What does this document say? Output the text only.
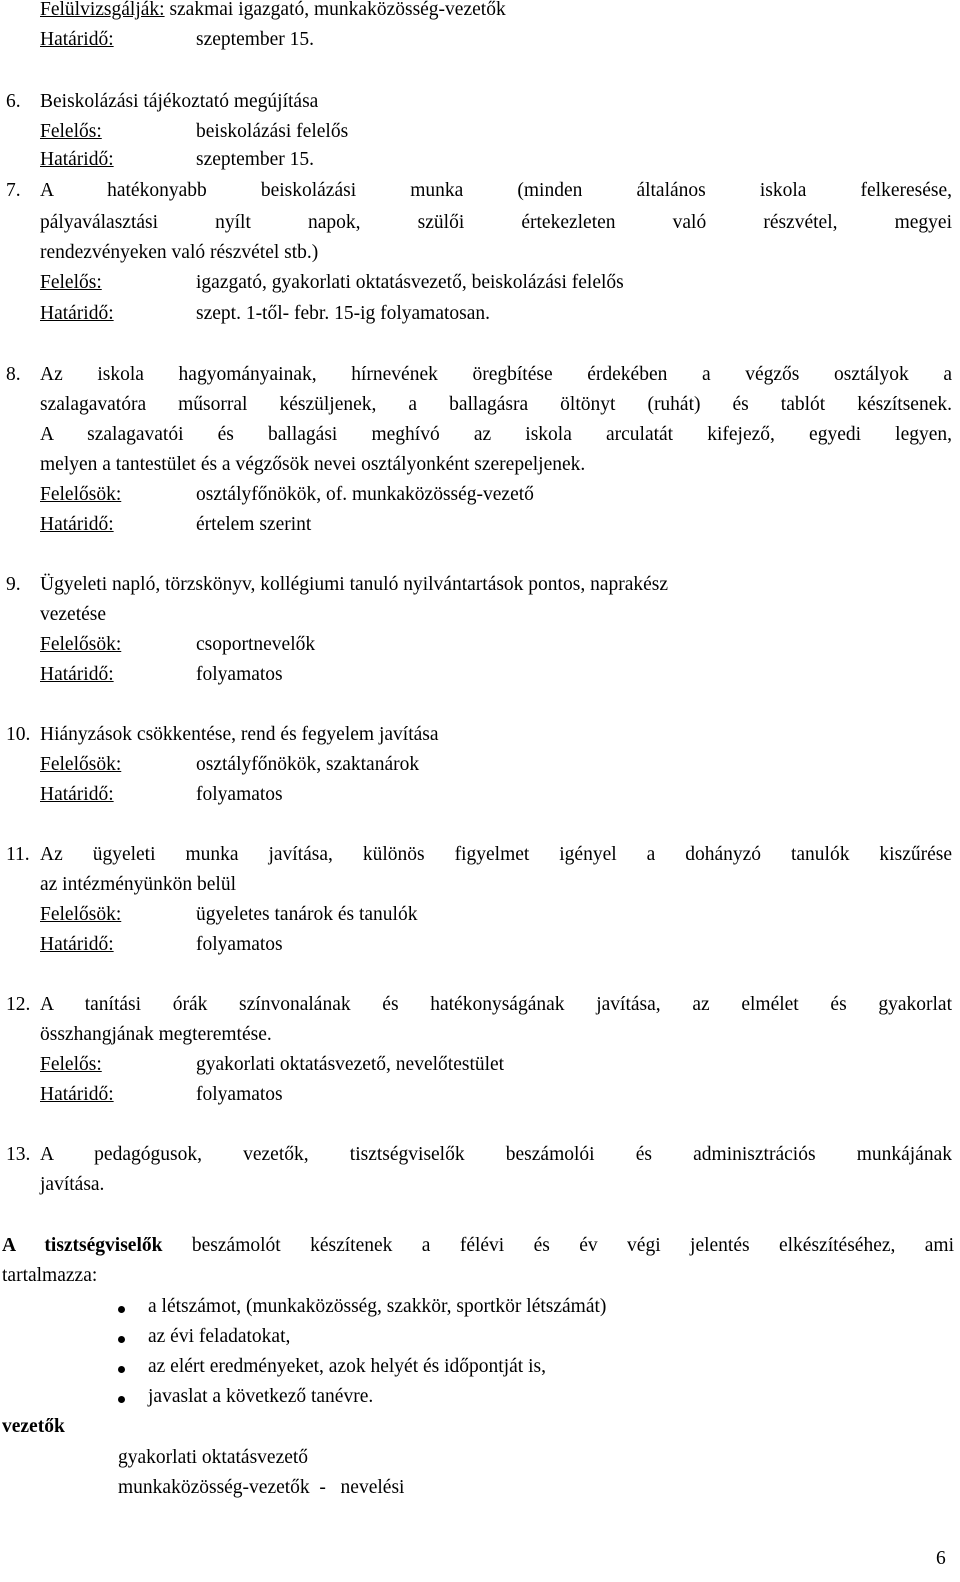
Felülvizsgálják: szakmai igazgató, munkaközösség-vezetők
Határidő:	szeptember 15.
6. Beiskolázási tájékoztató megújítása
Felelős:	beiskolázási felelős
Határidő:	szeptember 15.
7. A hatékonyabb beiskolázási munka (minden általános iskola felkeresése,
pályaválasztási nyílt napok, szülői értekezleten való részvétel, megyei
rendezvényeken való részvétel stb.)
Felelős:	igazgató, gyakorlati oktatásvezető, beiskolázási felelős
Határidő:	szept. 1-től- febr. 15-ig folyamatosan.
8. Az iskola hagyományainak, hírnevének öregbítése érdekében a végzős osztályok a
szalagavatóra műsorral készüljenek, a ballagásra öltönyt (ruhát) és tablót készítsenek.
A szalagavatói és ballagási meghívó az iskola arculatát kifejező, egyedi legyen,
melyen a tantestület és a végzősök nevei osztályonként szerepeljenek.
Felelősök:	osztályfőnökök, of. munkaközösség-vezető
Határidő:	értelem szerint
9. Ügyeleti napló, törzskönyv, kollégiumi tanuló nyilvántartások pontos, naprakész
vezetése
Felelősök:	csoportnevelők
Határidő:	folyamatos
10. Hiányzások csökkentése, rend és fegyelem javítása
Felelősök:	osztályfőnökök, szaktanárok
Határidő:	folyamatos
11. Az ügyeleti munka javítása, különös figyelmet igényel a dohányzó tanulók kiszűrése
az intézményünkön belül
Felelősök:	ügyeletes tanárok és tanulók
Határidő:	folyamatos
12. A tanítási órák színvonalának és hatékonyságának javítása, az elmélet és gyakorlat
összhangjának megteremtése.
Felelős:	gyakorlati oktatásvezető, nevelőtestület
Határidő:	folyamatos
13. A pedagógusok, vezetők, tisztségviselők beszámolói és adminisztrációs munkájának
javítása.
A tisztségviselők beszámolót készítenek a félévi és év végi jelentés elkészítéséhez, ami
tartalmazza:
a létszámot, (munkaközösség, szakkör, sportkör létszámát)
az évi feladatokat,
az elért eredményeket, azok helyét és időpontját is,
javaslat a következő tanévre.
vezetők
gyakorlati oktatásvezető
munkaközösség-vezetők  -   nevelési
6
